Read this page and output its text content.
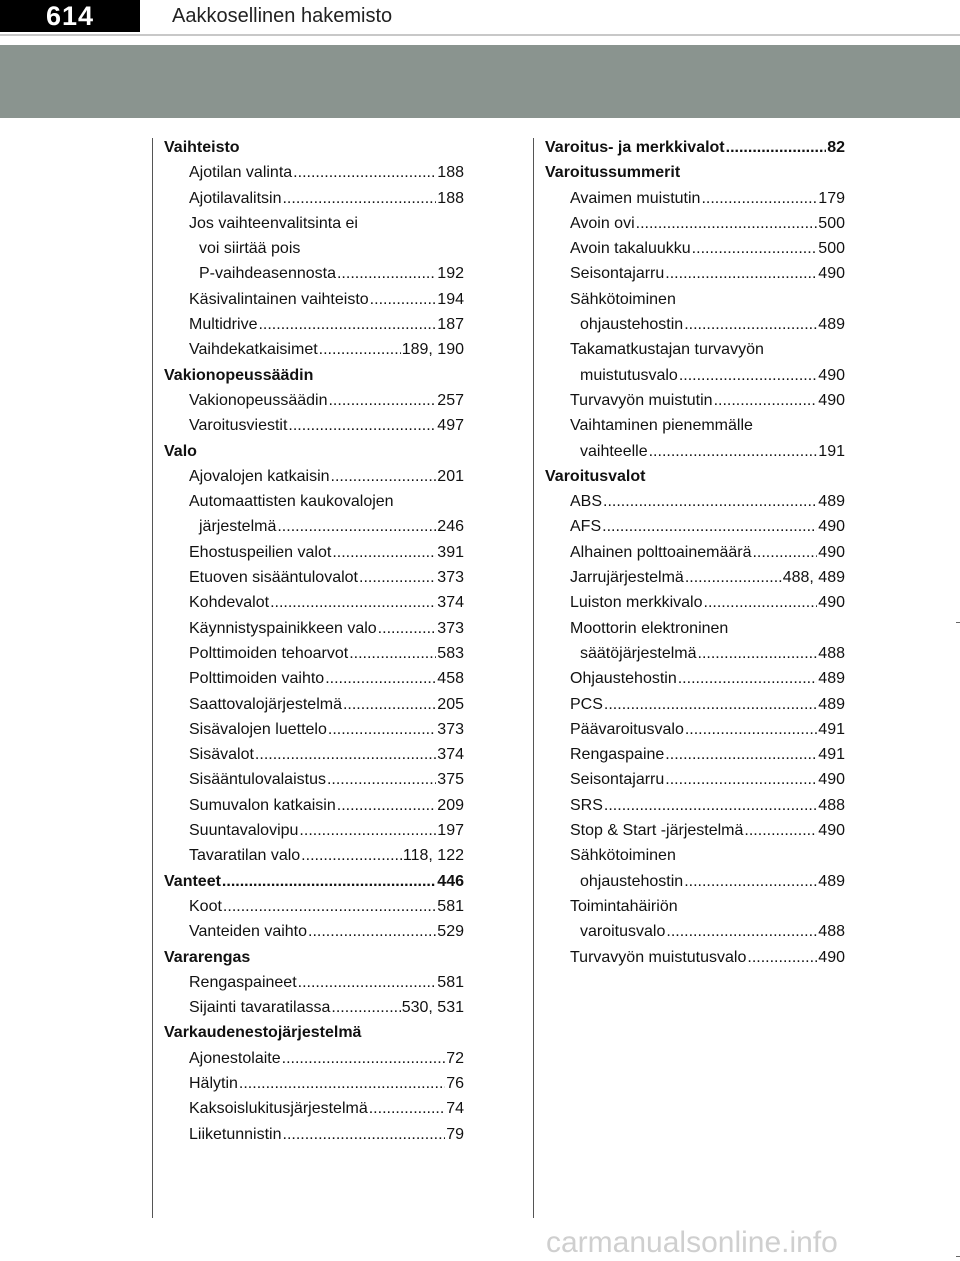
614	Aakkosellinen hakemisto
Vaihteisto
Ajotilan valinta .....	188
Ajotilavalitsin .....	188
Jos vaihteenvalitsinta ei
voi siirtää pois
P-vaihdeasennosta .....	192
Käsivalintainen vaihteisto .....	194
Multidrive .....	187
Vaihdekatkaisimet .....	189, 190
Vakionopeussäädin
Vakionopeussäädin .....	257
Varoitusviestit .....	497
Valo
Ajovalojen katkaisin .....	201
Automaattisten kaukovalojen
järjestelmä .....	246
Ehostuspeilien valot .....	391
Etuoven sisääntulovalot .....	373
Kohdevalot .....	374
Käynnistyspainikkeen valo .....	373
Polttimoiden tehoarvot .....	583
Polttimoiden vaihto .....	458
Saattovalojärjestelmä .....	205
Sisävalojen luettelo .....	373
Sisävalot .....	374
Sisääntulovalaistus .....	375
Sumuvalon katkaisin .....	209
Suuntavalovipu .....	197
Tavaratilan valo .....	118, 122
Vanteet .....	446
Koot .....	581
Vanteiden vaihto .....	529
Vararengas
Rengaspaineet .....	581
Sijainti tavaratilassa .....	530, 531
Varkaudenestojärjestelmä
Ajonestolaite .....	72
Hälytin .....	76
Kaksoislukitusjärjestelmä .....	74
Liiketunnistin .....	79
Varoitus- ja merkkivalot .....	82
Varoitussummerit
Avaimen muistutin .....	179
Avoin ovi .....	500
Avoin takaluukku .....	500
Seisontajarru .....	490
Sähkötoiminen
ohjaustehostin .....	489
Takamatkustajan turvavyön
muistutusvalo .....	490
Turvavyön muistutin .....	490
Vaihtaminen pienemmälle
vaihteelle .....	191
Varoitusvalot
ABS .....	489
AFS .....	490
Alhainen polttoainemäärä .....	490
Jarrujärjestelmä .....	488, 489
Luiston merkkivalo .....	490
Moottorin elektroninen
säätöjärjestelmä .....	488
Ohjaustehostin .....	489
PCS .....	489
Päävaroitusvalo .....	491
Rengaspaine .....	491
Seisontajarru .....	490
SRS .....	488
Stop & Start -järjestelmä .....	490
Sähkötoiminen
ohjaustehostin .....	489
Toimintahäiriön
varoitusvalo .....	488
Turvavyön muistutusvalo .....	490
carmanualsonline.info
